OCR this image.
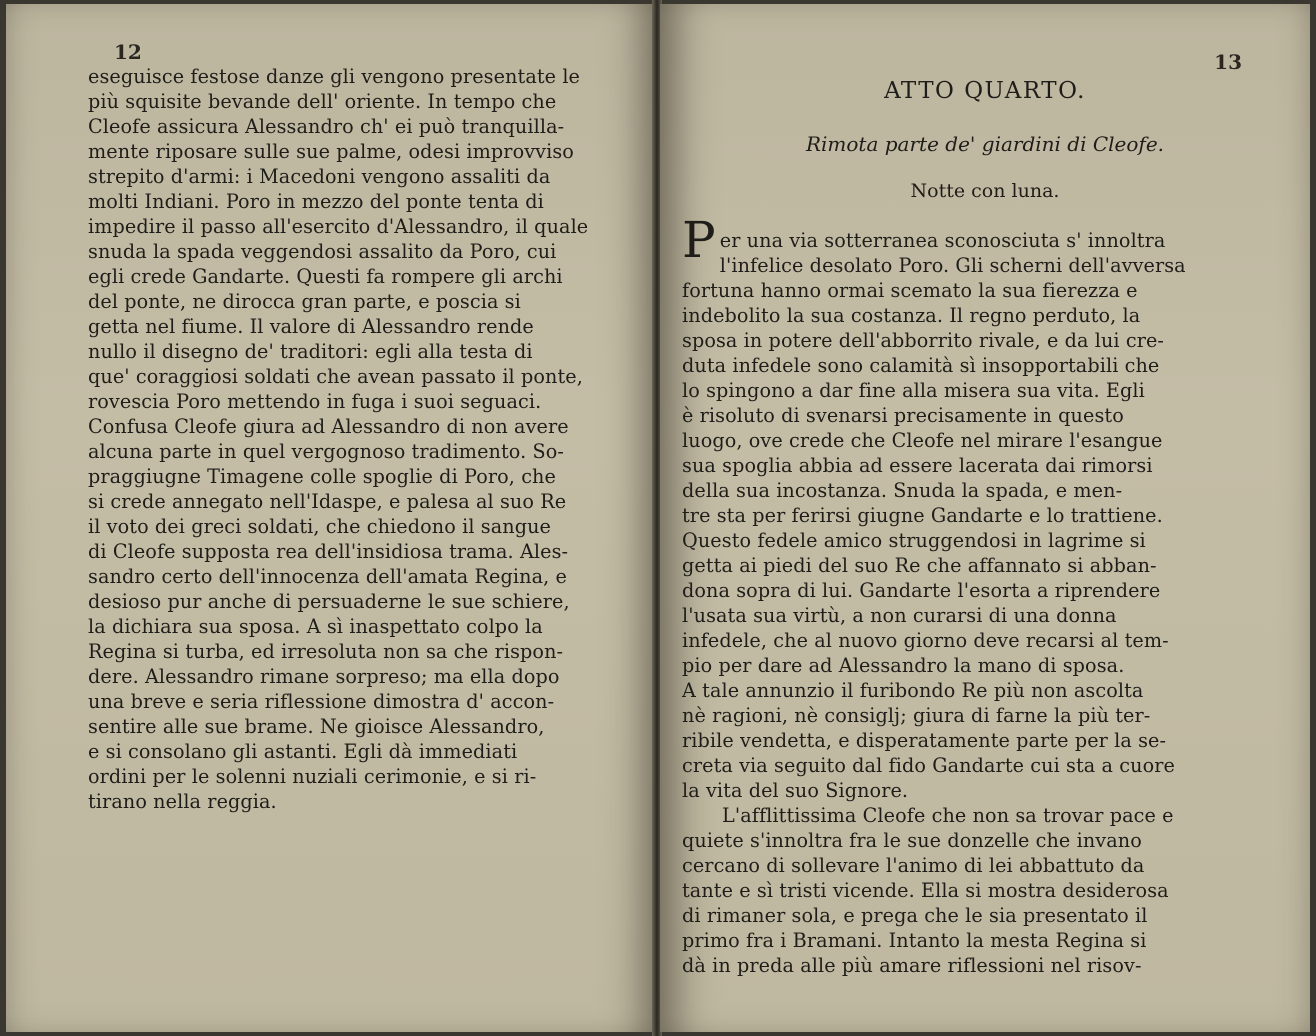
12
eseguisce festose danze gli vengono presentate le
più squisite bevande dell' oriente. In tempo che
Cleofe assicura Alessandro ch' ei può tranquilla-
mente riposare sulle sue palme, odesi improvviso
strepito d'armi: i Macedoni vengono assaliti da
molti Indiani. Poro in mezzo del ponte tenta di
impedire il passo all'esercito d'Alessandro, il quale
snuda la spada veggendosi assalito da Poro, cui
egli crede Gandarte. Questi fa rompere gli archi
del ponte, ne dirocca gran parte, e poscia si
getta nel fiume. Il valore di Alessandro rende
nullo il disegno de' traditori: egli alla testa di
que' coraggiosi soldati che avean passato il ponte,
rovescia Poro mettendo in fuga i suoi seguaci.
Confusa Cleofe giura ad Alessandro di non avere
alcuna parte in quel vergognoso tradimento. So-
praggiugne Timagene colle spoglie di Poro, che
si crede annegato nell'Idaspe, e palesa al suo Re
il voto dei greci soldati, che chiedono il sangue
di Cleofe supposta rea dell'insidiosa trama. Ales-
sandro certo dell'innocenza dell'amata Regina, e
desioso pur anche di persuaderne le sue schiere,
la dichiara sua sposa. A sì inaspettato colpo la
Regina si turba, ed irresoluta non sa che rispon-
dere. Alessandro rimane sorpreso; ma ella dopo
una breve e seria riflessione dimostra d' accon-
sentire alle sue brame. Ne gioisce Alessandro,
e si consolano gli astanti. Egli dà immediati
ordini per le solenni nuziali cerimonie, e si ri-
tirano nella reggia.
13
ATTO QUARTO.
Rimota parte de' giardini di Cleofe.
Notte con luna.
P er una via sotterranea sconosciuta s' innoltra
l'infelice desolato Poro. Gli scherni dell'avversa
fortuna hanno ormai scemato la sua fierezza e
indebolito la sua costanza. Il regno perduto, la
sposa in potere dell'abborrito rivale, e da lui cre-
duta infedele sono calamità sì insopportabili che
lo spingono a dar fine alla misera sua vita. Egli
è risoluto di svenarsi precisamente in questo
luogo, ove crede che Cleofe nel mirare l'esangue
sua spoglia abbia ad essere lacerata dai rimorsi
della sua incostanza. Snuda la spada, e men-
tre sta per ferirsi giugne Gandarte e lo trattiene.
Questo fedele amico struggendosi in lagrime si
getta ai piedi del suo Re che affannato si abban-
dona sopra di lui. Gandarte l'esorta a riprendere
l'usata sua virtù, a non curarsi di una donna
infedele, che al nuovo giorno deve recarsi al tem-
pio per dare ad Alessandro la mano di sposa.
A tale annunzio il furibondo Re più non ascolta
nè ragioni, nè consiglj; giura di farne la più ter-
ribile vendetta, e disperatamente parte per la se-
creta via seguito dal fido Gandarte cui sta a cuore
la vita del suo Signore.
L'afflittissima Cleofe che non sa trovar pace e
quiete s'innoltra fra le sue donzelle che invano
cercano di sollevare l'animo di lei abbattuto da
tante e sì tristi vicende. Ella si mostra desiderosa
di rimaner sola, e prega che le sia presentato il
primo fra i Bramani. Intanto la mesta Regina si
dà in preda alle più amare riflessioni nel risov-
